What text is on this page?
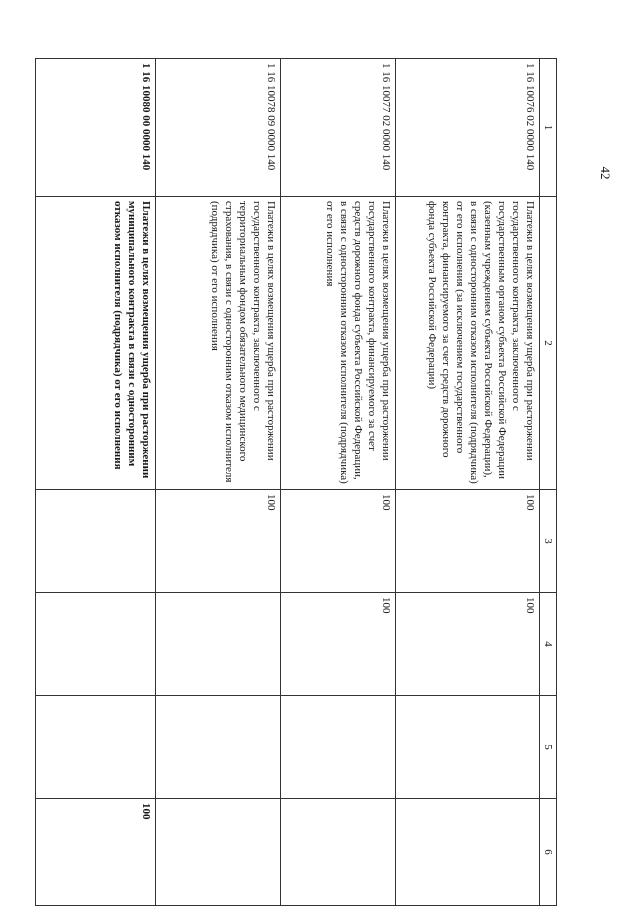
42
1	2	3	4	5	6
1 16 10076 02 0000 140	Платежи в целях возмещения ущерба при расторжении государственного контракта, заключенного с государственным органом субъекта Российской Федерации (казенным учреждением субъекта Российской Федерации), в связи с односторонним отказом исполнителя (подрядчика) от его исполнения (за исключением государственного контракта, финансируемого за счет средств дорожного фонда субъекта Российской Федерации)	100	100		
1 16 10077 02 0000 140	Платежи в целях возмещения ущерба при расторжении государственного контракта, финансируемого за счет средств дорожного фонда субъекта Российской Федерации, в связи с односторонним отказом исполнителя (подрядчика) от его исполнения	100	100		
1 16 10078 09 0000 140	Платежи в целях возмещения ущерба при расторжении государственного контракта, заключенного с территориальным фондом обязательного медицинского страхования, в связи с односторонним отказом исполнителя (подрядчика) от его исполнения	100			
1 16 10080 00 0000 140	Платежи в целях возмещения ущерба при расторжении муниципального контракта в связи с односторонним отказом исполнителя (подрядчика) от его исполнения				100
